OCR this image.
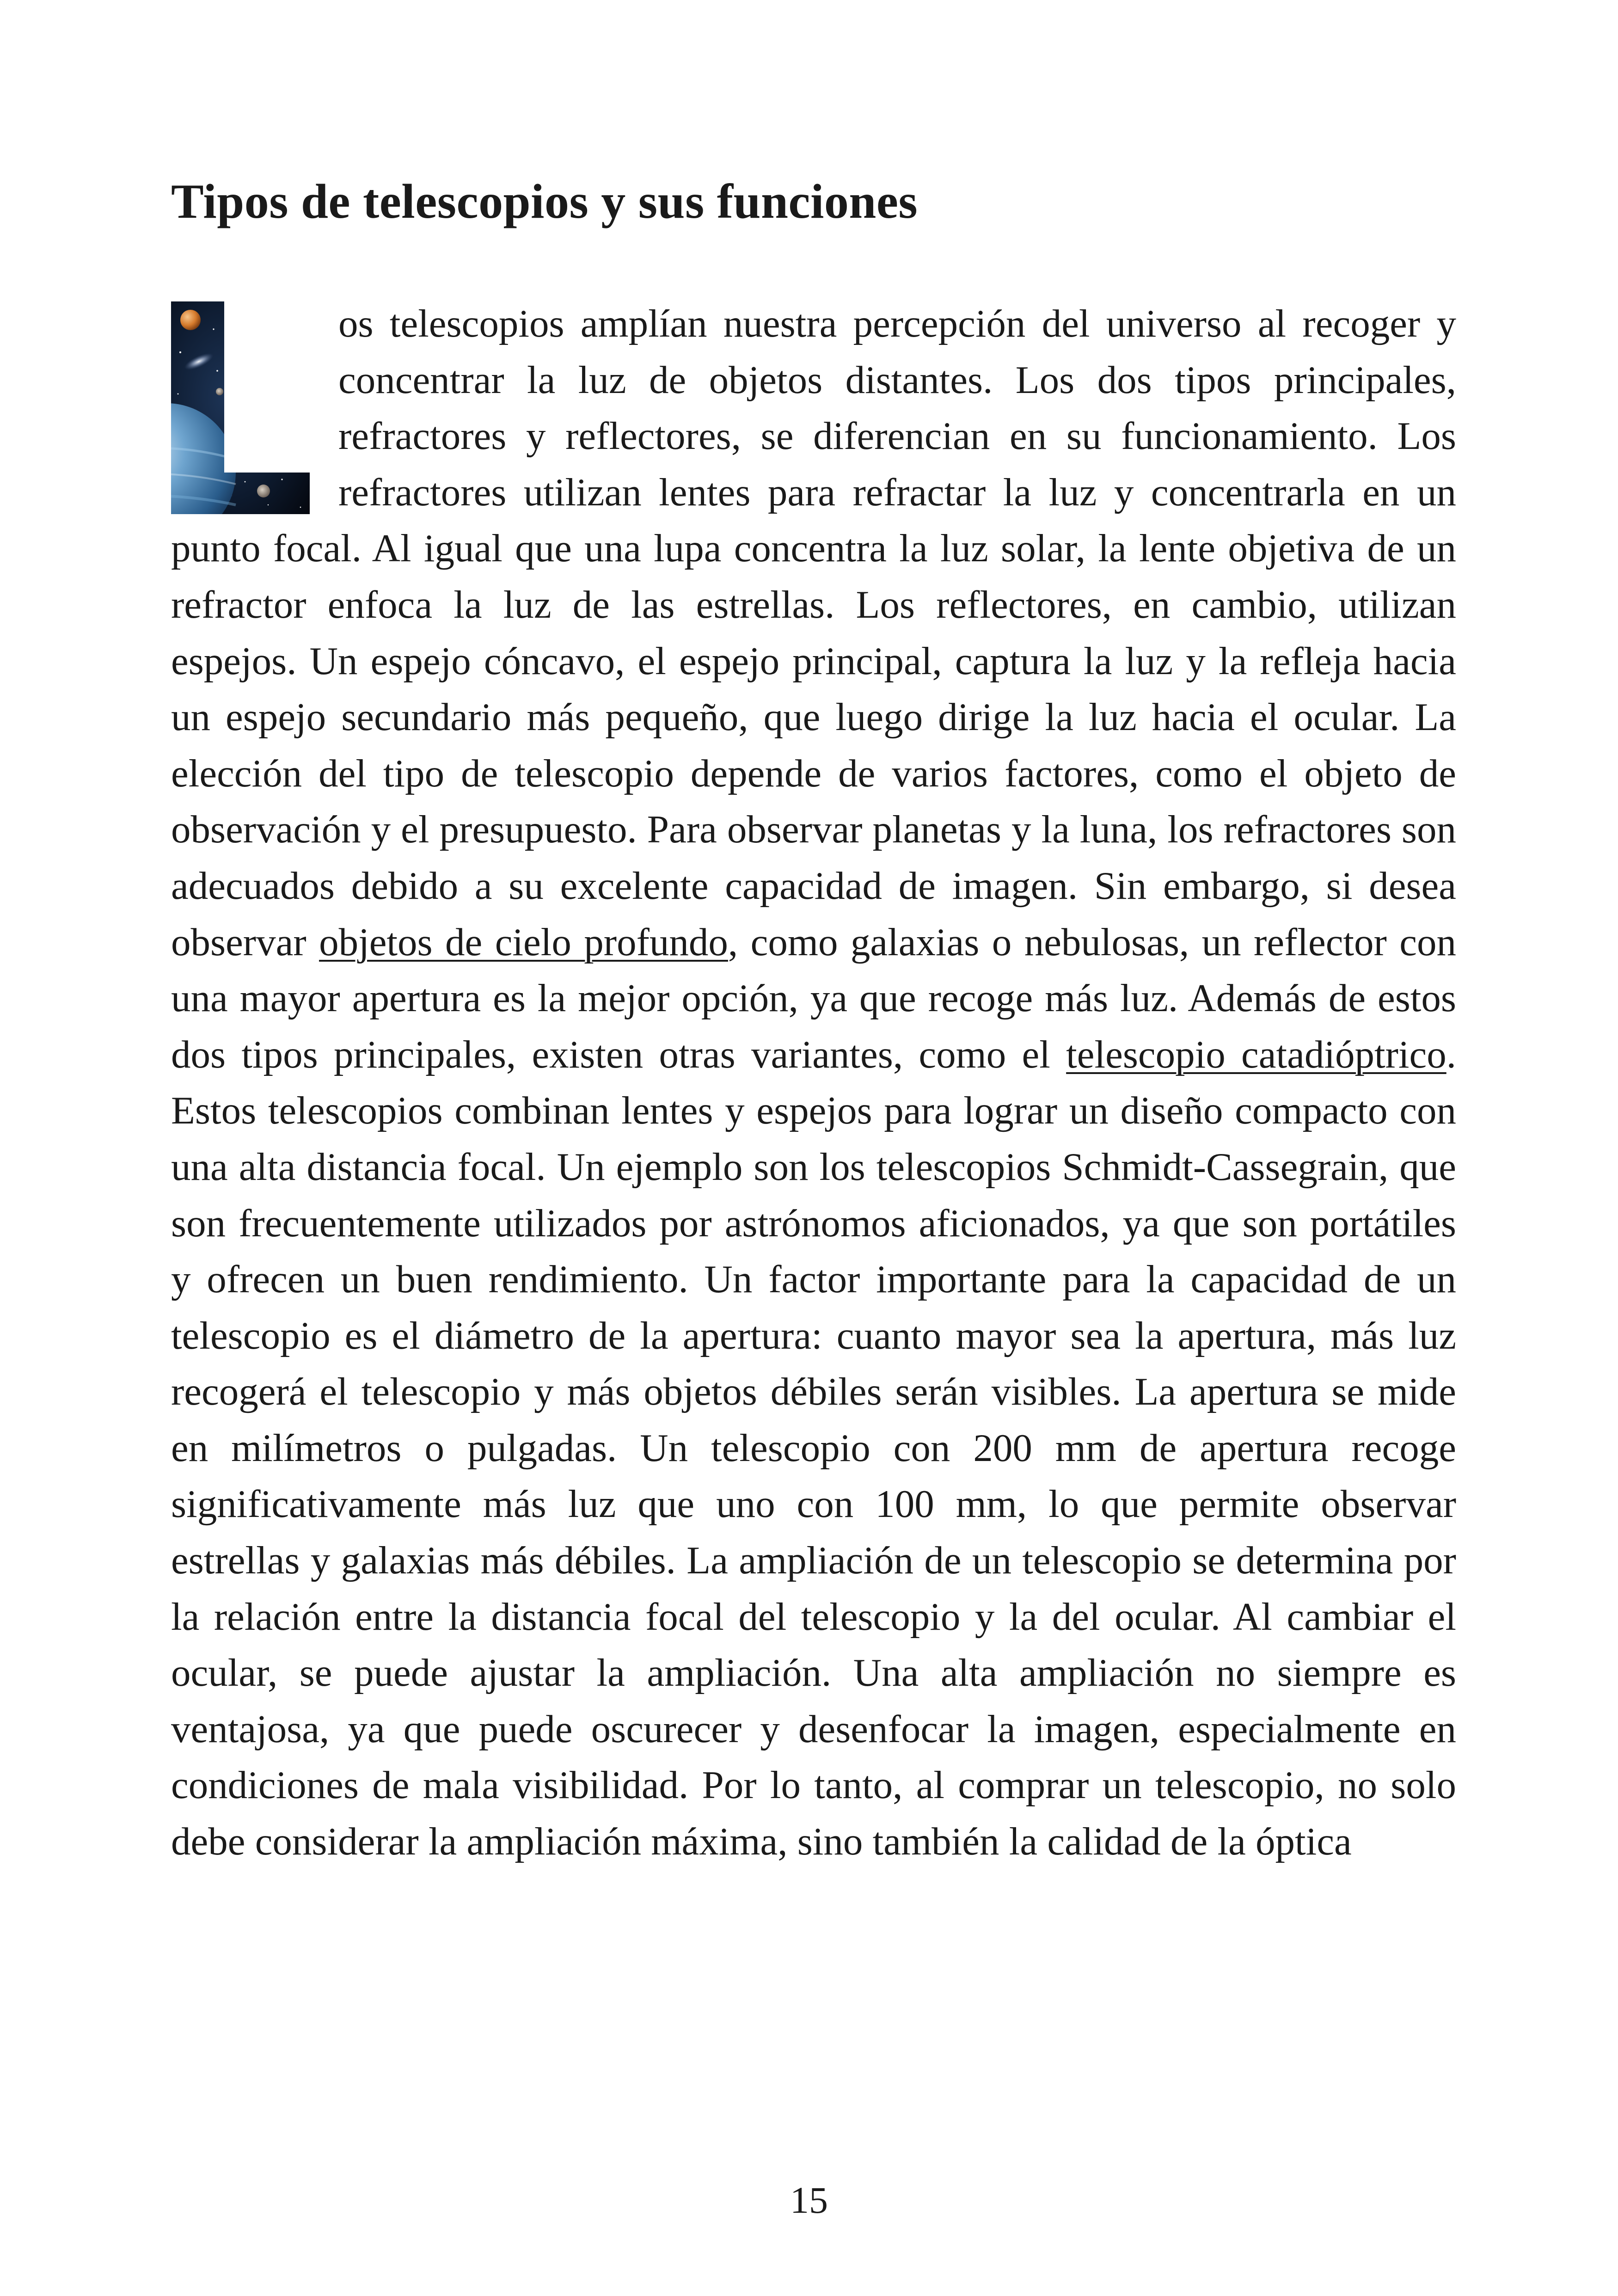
Tipos de telescopios y sus funciones

os telescopios amplían nuestra percepción del universo al recoger y concentrar la luz de objetos distantes. Los dos tipos principales, refractores y reflectores, se diferencian en su funcionamiento. Los refractores utilizan lentes para refractar la luz y concentrarla en un punto focal. Al igual que una lupa concentra la luz solar, la lente objetiva de un refractor enfoca la luz de las estrellas. Los reflectores, en cambio, utilizan espejos. Un espejo cóncavo, el espejo principal, captura la luz y la refleja hacia un espejo secundario más pequeño, que luego dirige la luz hacia el ocular. La elección del tipo de telescopio depende de varios factores, como el objeto de observación y el presupuesto. Para observar planetas y la luna, los refractores son adecuados debido a su excelente capacidad de imagen. Sin embargo, si desea observar objetos de cielo profundo, como galaxias o nebulosas, un reflector con una mayor apertura es la mejor opción, ya que recoge más luz. Además de estos dos tipos principales, existen otras variantes, como el telescopio catadióptrico. Estos telescopios combinan lentes y espejos para lograr un diseño compacto con una alta distancia focal. Un ejemplo son los telescopios Schmidt-Cassegrain, que son frecuentemente utilizados por astrónomos aficionados, ya que son portátiles y ofrecen un buen rendimiento. Un factor importante para la capacidad de un telescopio es el diámetro de la apertura: cuanto mayor sea la apertura, más luz recogerá el telescopio y más objetos débiles serán visibles. La apertura se mide en milímetros o pulgadas. Un telescopio con 200 mm de apertura recoge significativamente más luz que uno con 100 mm, lo que permite observar estrellas y galaxias más débiles. La ampliación de un telescopio se determina por la relación entre la distancia focal del telescopio y la del ocular. Al cambiar el ocular, se puede ajustar la ampliación. Una alta ampliación no siempre es ventajosa, ya que puede oscurecer y desenfocar la imagen, especialmente en condiciones de mala visibilidad. Por lo tanto, al comprar un telescopio, no solo debe considerar la ampliación máxima, sino también la calidad de la óptica

15
